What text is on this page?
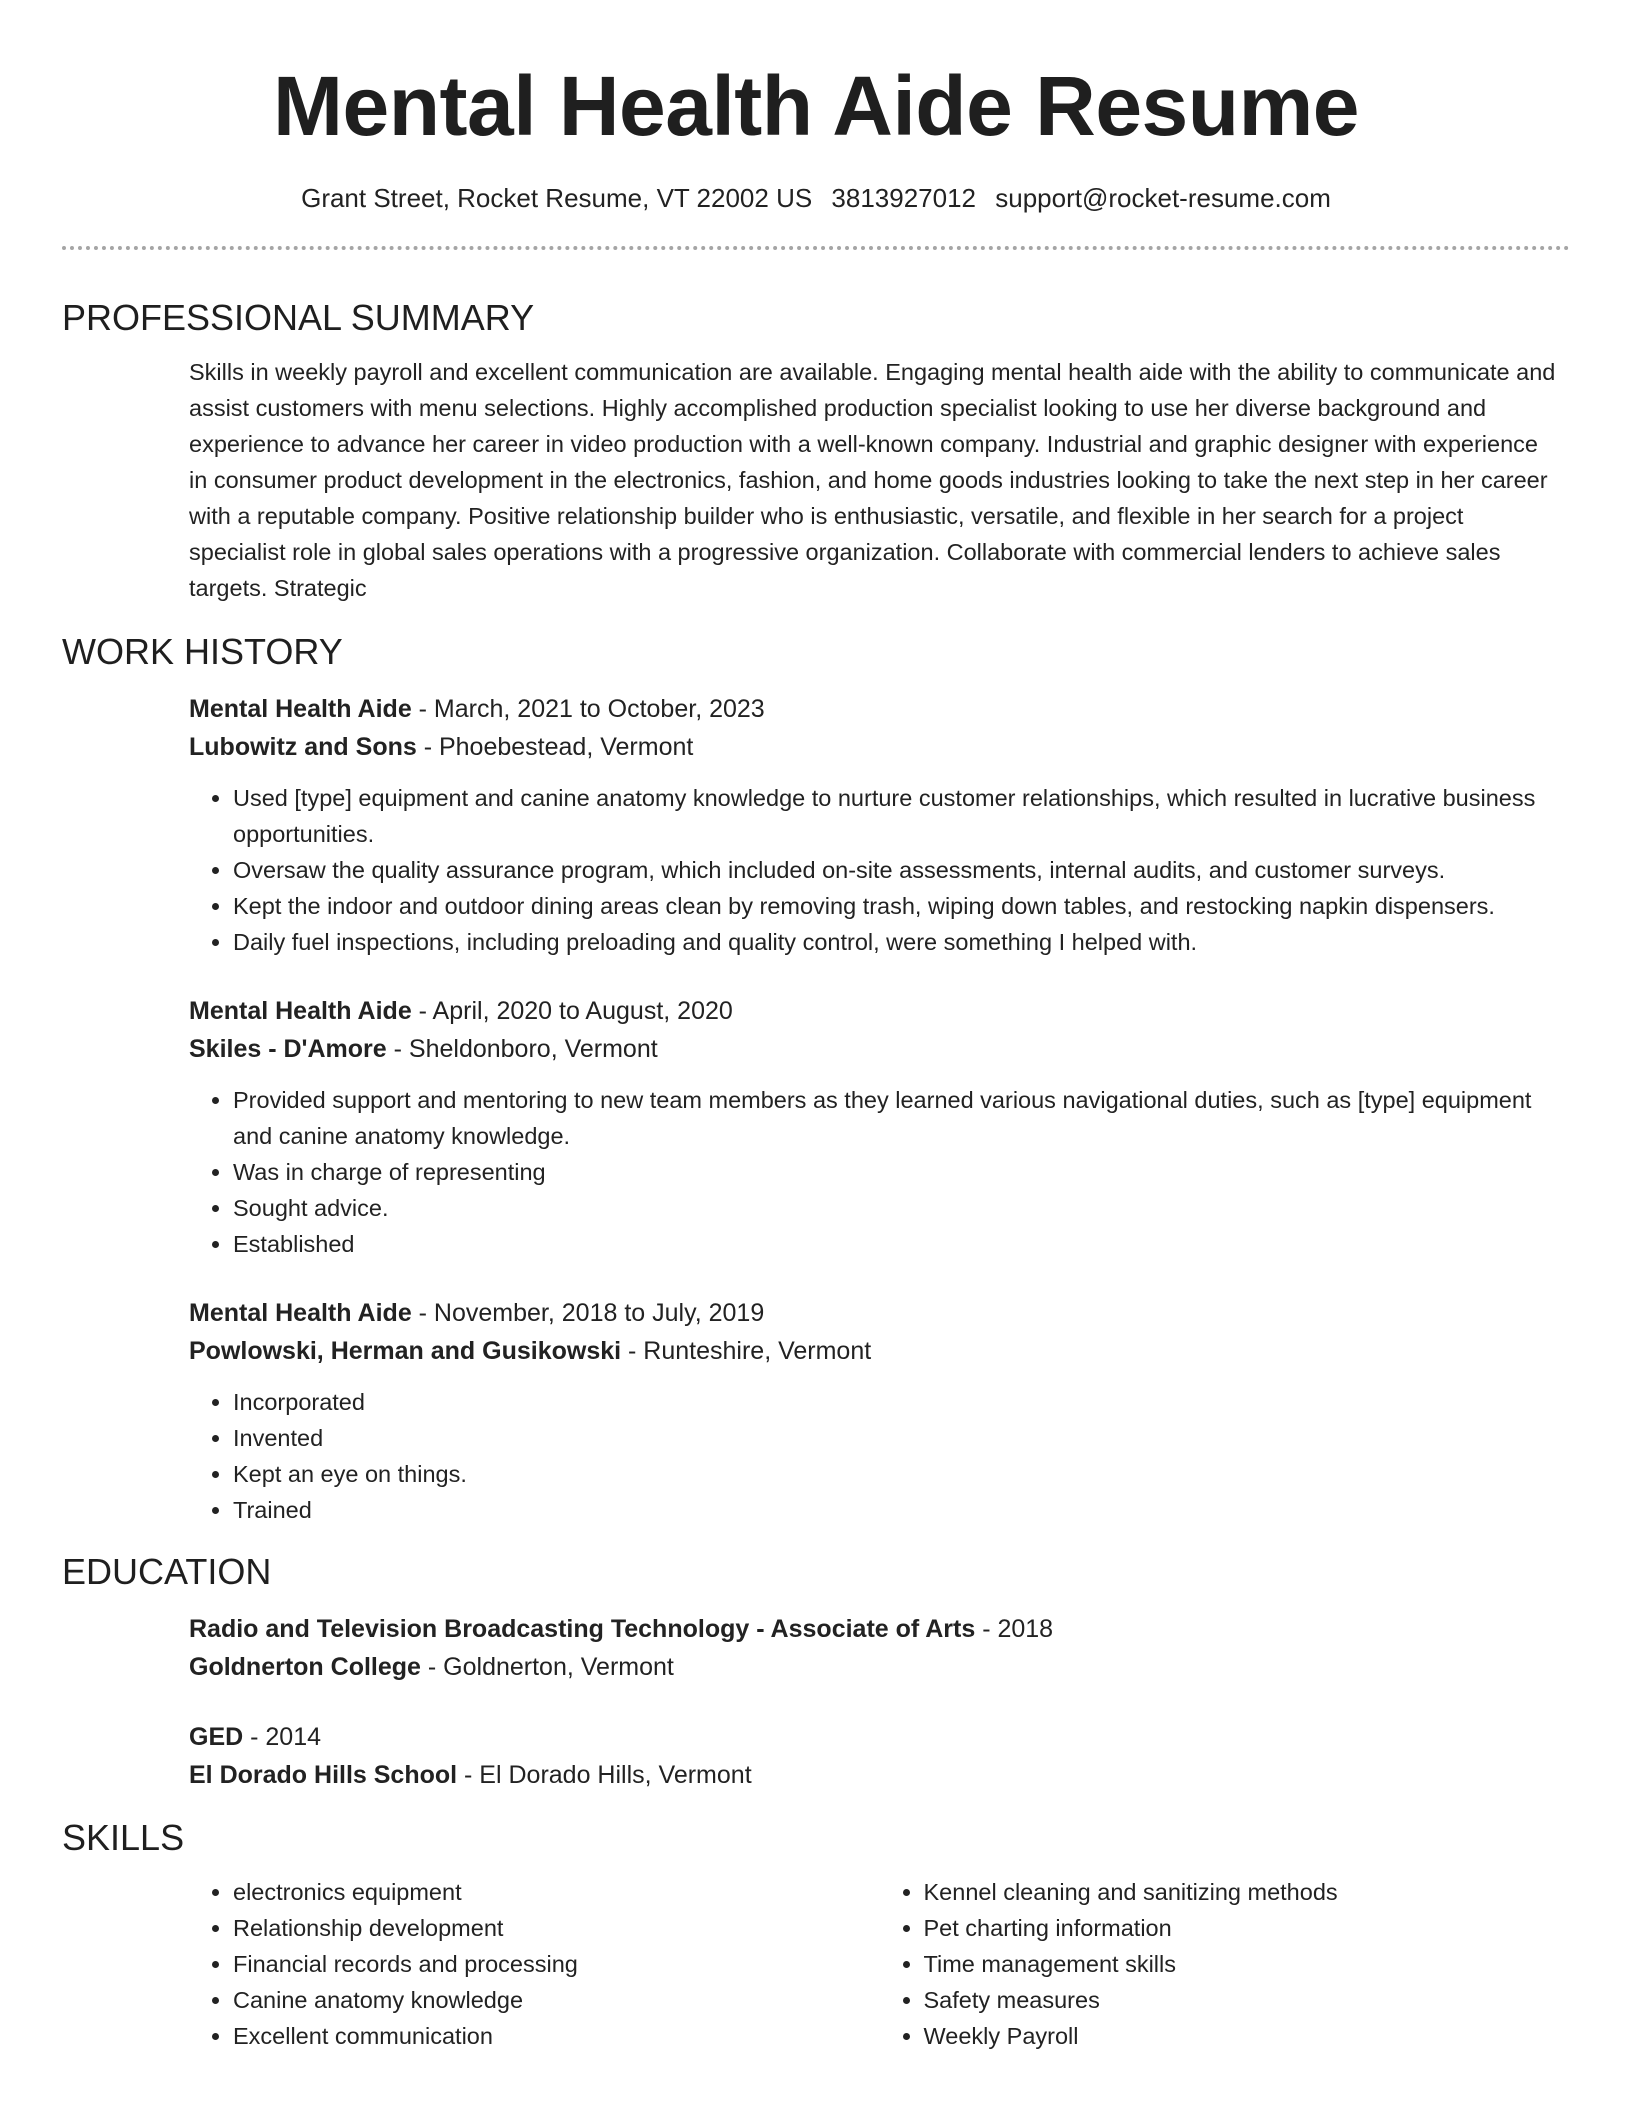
Mental Health Aide Resume
Grant Street, Rocket Resume, VT 22002 US 3813927012 support@rocket-resume.com
PROFESSIONAL SUMMARY

Skills in weekly payroll and excellent communication are available. Engaging mental health aide with the ability to communicate and assist customers with menu selections. Highly accomplished production specialist looking to use her diverse background and experience to advance her career in video production with a well-known company. Industrial and graphic designer with experience in consumer product development in the electronics, fashion, and home goods industries looking to take the next step in her career with a reputable company. Positive relationship builder who is enthusiastic, versatile, and flexible in her search for a project specialist role in global sales operations with a progressive organization. Collaborate with commercial lenders to achieve sales targets. Strategic

WORK HISTORY
Mental Health Aide - March, 2021 to October, 2023
Lubowitz and Sons - Phoebestead, Vermont
• Used [type] equipment and canine anatomy knowledge to nurture customer relationships, which resulted in lucrative business opportunities.
• Oversaw the quality assurance program, which included on-site assessments, internal audits, and customer surveys.
• Kept the indoor and outdoor dining areas clean by removing trash, wiping down tables, and restocking napkin dispensers.
• Daily fuel inspections, including preloading and quality control, were something I helped with.
Mental Health Aide - April, 2020 to August, 2020
Skiles - D'Amore - Sheldonboro, Vermont
• Provided support and mentoring to new team members as they learned various navigational duties, such as [type] equipment and canine anatomy knowledge.
• Was in charge of representing
• Sought advice.
• Established
Mental Health Aide - November, 2018 to July, 2019
Powlowski, Herman and Gusikowski - Runteshire, Vermont
• Incorporated
• Invented
• Kept an eye on things.
• Trained
EDUCATION
Radio and Television Broadcasting Technology - Associate of Arts - 2018
Goldnerton College - Goldnerton, Vermont
GED - 2014
El Dorado Hills School - El Dorado Hills, Vermont
SKILLS
• electronics equipment
• Relationship development
• Financial records and processing
• Canine anatomy knowledge
• Excellent communication
• Kennel cleaning and sanitizing methods
• Pet charting information
• Time management skills
• Safety measures
• Weekly Payroll
